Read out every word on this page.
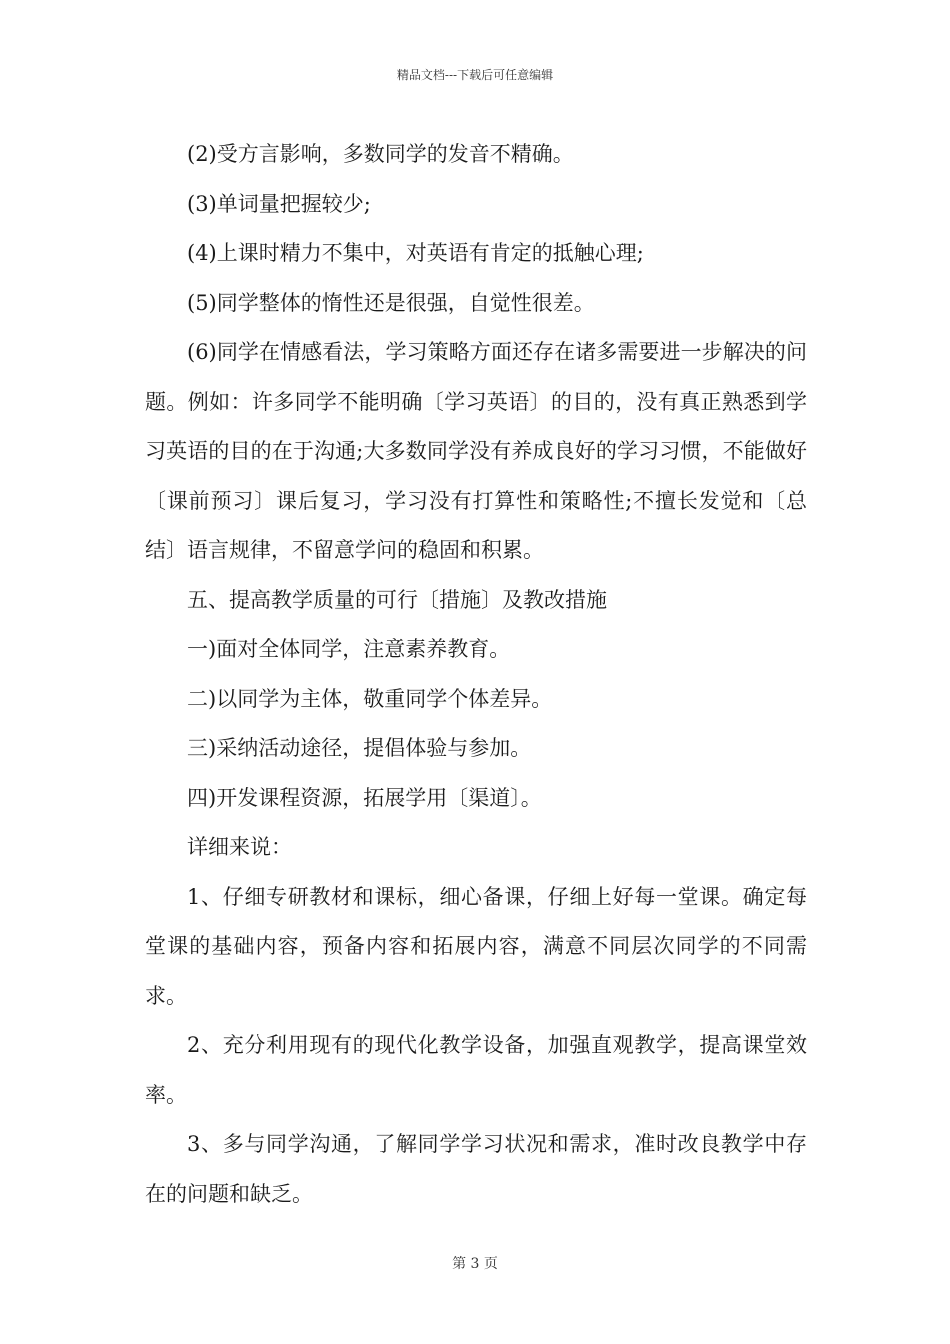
精品文档---下载后可任意编辑

(2)受方言影响，多数同学的发音不精确。

(3)单词量把握较少;

(4)上课时精力不集中，对英语有肯定的抵触心理;

(5)同学整体的惰性还是很强，自觉性很差。

(6)同学在情感看法，学习策略方面还存在诸多需要进一步解决的问题。例如：许多同学不能明确〔学习英语〕的目的，没有真正熟悉到学习英语的目的在于沟通;大多数同学没有养成良好的学习习惯，不能做好〔课前预习〕课后复习，学习没有打算性和策略性;不擅长发觉和〔总结〕语言规律，不留意学问的稳固和积累。

五、提高教学质量的可行〔措施〕及教改措施

一)面对全体同学，注意素养教育。

二)以同学为主体，敬重同学个体差异。

三)采纳活动途径，提倡体验与参加。

四)开发课程资源，拓展学用〔渠道〕。

详细来说：

1、仔细专研教材和课标，细心备课，仔细上好每一堂课。确定每堂课的基础内容，预备内容和拓展内容，满意不同层次同学的不同需求。

2、充分利用现有的现代化教学设备，加强直观教学，提高课堂效率。

3、多与同学沟通，了解同学学习状况和需求，准时改良教学中存在的问题和缺乏。

第 3 页
